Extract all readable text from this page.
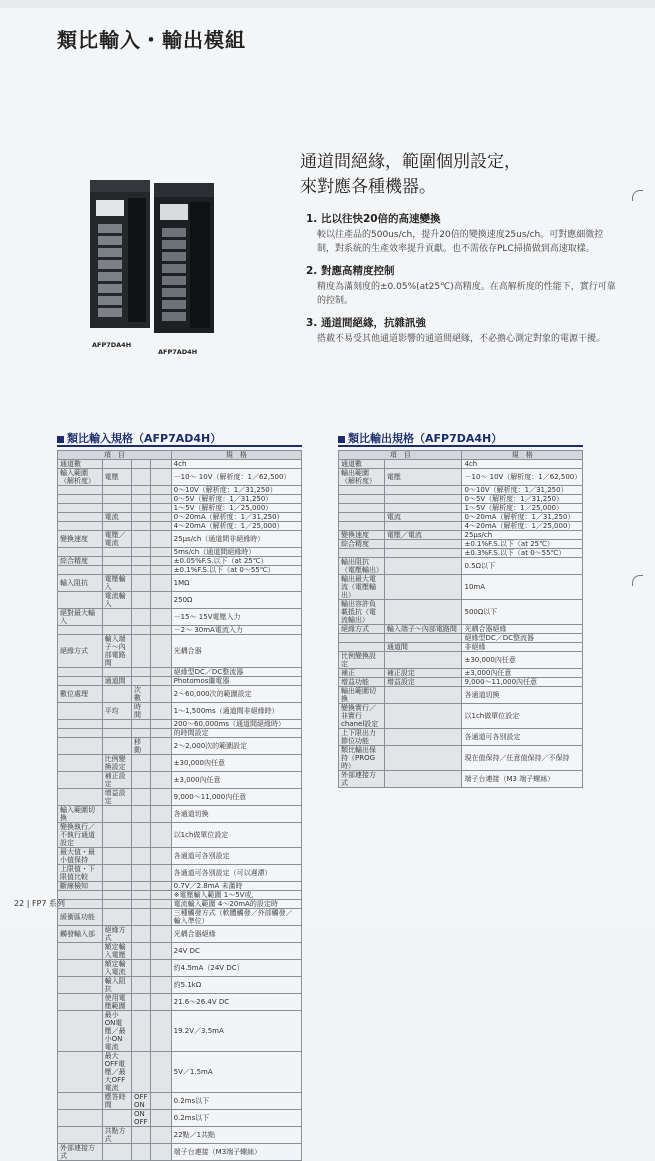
類比輸入・輸出模組
AFP7DA4H
AFP7AD4H
通道間絕緣，範圍個別設定，
來對應各種機器。
1. 比以往快20倍的高速變換
較以往產品的500us/ch，提升20倍的變換速度25us/ch。可對應細微控制，對系統的生產效率提升貢獻。也不需依存PLC掃描做到高速取樣。
2. 對應高精度控制
精度為滿刻度的±0.05%(at25℃)高精度。在高解析度的性能下，實行可靠的控制。
3. 通道間絕緣，抗雜訊強
搭載不易受其他通道影響的通道間絕緣，不必擔心測定對象的電源干擾。
類比輸入規格（AFP7AD4H）
項　目				規　格
通道數				4ch
輸入範圍（解析度）	電壓			－10～ 10V（解析度：1／62,500）
				0～10V（解析度：1／31,250）
				0～5V（解析度：1／31,250）
				1～5V（解析度：1／25,000）
	電流			0～20mA（解析度：1／31,250）
				4～20mA（解析度：1／25,000）
變換速度	電壓／電流			25μs/ch（通道間非絕緣時）
				5ms/ch（通道間絕緣時）
綜合精度				±0.05%F.S.以下（at 25℃）
				±0.1%F.S.以下（at 0～55℃）
輸入阻抗	電壓輸入			1MΩ
	電流輸入			250Ω
絕對最大輸入				－15～ 15V電壓入力
				－2～ 30mA電流入力
絕緣方式	輸入端子～內部電路間			光耦合器
				絕緣型DC／DC整流器
	通道間			Photomos繼電器
數位處理		次數		2～60,000次的範圍設定
	平均	時間		1～1,500ms（通道間非絕緣時）
				200～60,000ms（通道間絕緣時）
				的時間設定
		移動		2～2,000次的範圍設定
	比例變換設定			±30,000內任意
	補正設定			±3,000內任意
	增益設定			9,000～11,000內任意
輸入範圍切換				各通道切換
變換執行／不執行通道設定				以1ch做單位設定
最大值・最小值保持				各通道可各別設定
上限值・下限值比較				各通道可各別設定（可以遲滯）
斷線檢知				0.7V／2.8mA 未滿時
				※電壓輸入範圍 1～5V或，
				電流輸入範圍 4～20mA的設定時
緩衝區功能				三種觸發方式（軟體觸發／外部觸發／輸入準位）
觸發輸入部	絕緣方式			光耦合器絕緣
	額定輸入電壓			24V DC
	額定輸入電流			約4.5mA（24V DC）
	輸入阻抗			約5.1kΩ
	使用電壓範圍			21.6～26.4V DC
	最小ON電壓／最小ON電流			19.2V／3.5mA
	最大OFF電壓／最大OFF電流			5V／1.5mA
	應答時間	OFF ON		0.2ms以下
		ON OFF		0.2ms以下
	共點方式			22點／1共點
外部連接方式				端子台連接（M3端子螺絲）
類比輸出規格（AFP7DA4H）
項　目		規　格
通道數		4ch
輸出範圍（解析度）	電壓	－10～ 10V（解析度：1／62,500）
		0～10V（解析度：1／31,250）
		0～5V（解析度：1／31,250）
		1～5V（解析度：1／25,000）
	電流	0～20mA（解析度：1／31,250）
		4～20mA（解析度：1／25,000）
變換速度	電壓／電流	25μs/ch
綜合精度		±0.1%F.S.以下（at 25℃）
		±0.3%F.S.以下（at 0～55℃）
輸出阻抗（電壓輸出）		0.5Ω以下
輸出最大電流（電壓輸出）		10mA
輸出容許負載抵抗（電流輸出）		500Ω以下
絕緣方式	輸入端子～內部電路間	光耦合器絕緣
		絕緣型DC／DC整流器
	通道間	非絕緣
比例變換設定		±30,000內任意
補正	補正設定	±3,000內任意
增益功能	增益設定	9,000～11,000內任意
輸出範圍切換		各通道切換
變換實行／非實行chanel設定		以1ch做單位設定
上下限出力節位功能		各通道可各別設定
類比輸出保持（PROG時）		現在值保持／任意值保持／不保持
外部連接方式		端子台連接（M3 端子螺絲）
22 | FP7 系列
